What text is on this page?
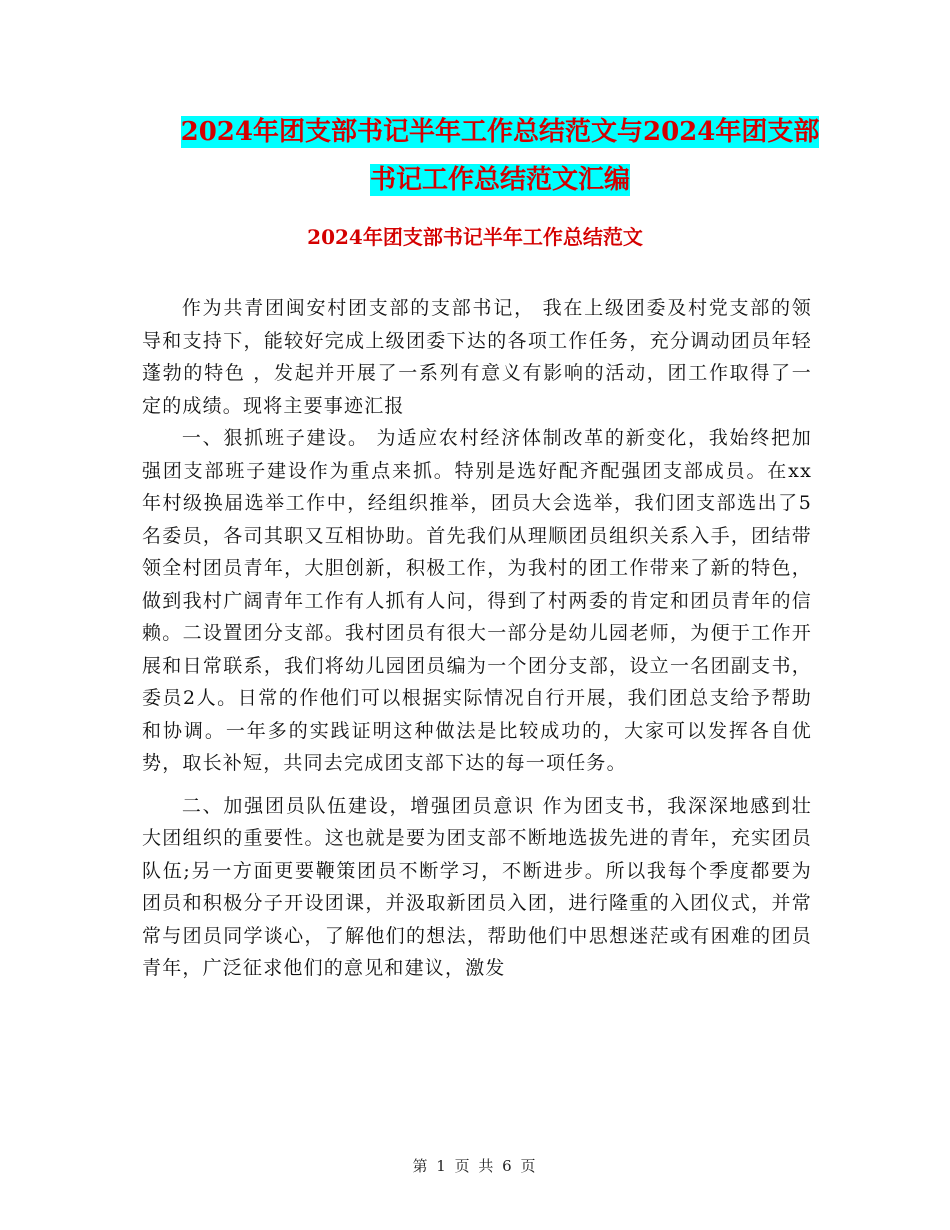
2024年团支部书记半年工作总结范文与2024年团支部
书记工作总结范文汇编
2024年团支部书记半年工作总结范文

作为共青团闽安村团支部的支部书记， 我在上级团委及村党支部的领导和支持下，能较好完成上级团委下达的各项工作任务，充分调动团员年轻蓬勃的特色 ，发起并开展了一系列有意义有影响的活动，团工作取得了一定的成绩。现将主要事迹汇报

一、狠抓班子建设。 为适应农村经济体制改革的新变化，我始终把加强团支部班子建设作为重点来抓。特别是选好配齐配强团支部成员。在xx年村级换届选举工作中，经组织推举，团员大会选举，我们团支部选出了5名委员，各司其职又互相协助。首先我们从理顺团员组织关系入手，团结带领全村团员青年，大胆创新，积极工作，为我村的团工作带来了新的特色，做到我村广阔青年工作有人抓有人问，得到了村两委的肯定和团员青年的信赖。二设置团分支部。我村团员有很大一部分是幼儿园老师，为便于工作开展和日常联系，我们将幼儿园团员编为一个团分支部，设立一名团副支书，委员2人。日常的作他们可以根据实际情况自行开展，我们团总支给予帮助和协调。一年多的实践证明这种做法是比较成功的，大家可以发挥各自优势，取长补短，共同去完成团支部下达的每一项任务。

二、加强团员队伍建设，增强团员意识 作为团支书，我深深地感到壮大团组织的重要性。这也就是要为团支部不断地选拔先进的青年，充实团员队伍;另一方面更要鞭策团员不断学习，不断进步。所以我每个季度都要为团员和积极分子开设团课，并汲取新团员入团，进行隆重的入团仪式，并常常与团员同学谈心，了解他们的想法，帮助他们中思想迷茫或有困难的团员青年，广泛征求他们的意见和建议，激发

第 1 页 共 6 页
